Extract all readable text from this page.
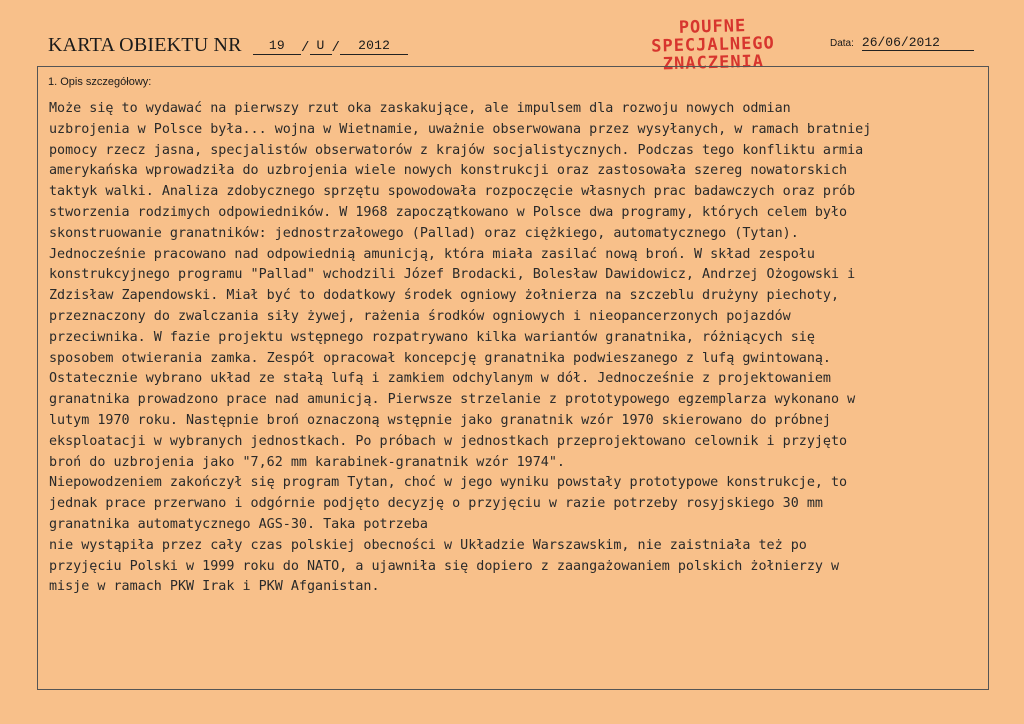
KARTA OBIEKTU NR 19 / U / 2012
POUFNE
SPECJALNEGO
ZNACZENIA
Data: 26/06/2012
1. Opis szczegółowy:
Może się to wydawać na pierwszy rzut oka zaskakujące, ale impulsem dla rozwoju nowych odmian
uzbrojenia w Polsce była... wojna w Wietnamie, uważnie obserwowana przez wysyłanych, w ramach bratniej
pomocy rzecz jasna, specjalistów obserwatorów z krajów socjalistycznych. Podczas tego konfliktu armia
amerykańska wprowadziła do uzbrojenia wiele nowych konstrukcji oraz zastosowała szereg nowatorskich
taktyk walki. Analiza zdobycznego sprzętu spowodowała rozpoczęcie własnych prac badawczych oraz prób
stworzenia rodzimych odpowiedników. W 1968 zapoczątkowano w Polsce dwa programy, których celem było
skonstruowanie granatników: jednostrzałowego (Pallad) oraz ciężkiego, automatycznego (Tytan).
Jednocześnie pracowano nad odpowiednią amunicją, która miała zasilać nową broń. W skład zespołu
konstrukcyjnego programu "Pallad" wchodzili Józef Brodacki, Bolesław Dawidowicz, Andrzej Ożogowski i
Zdzisław Zapendowski. Miał być to dodatkowy środek ogniowy żołnierza na szczeblu drużyny piechoty,
przeznaczony do zwalczania siły żywej, rażenia środków ogniowych i nieopancerzonych pojazdów
przeciwnika. W fazie projektu wstępnego rozpatrywano kilka wariantów granatnika, różniących się
sposobem otwierania zamka. Zespół opracował koncepcję granatnika podwieszanego z lufą gwintowaną.
Ostatecznie wybrano układ ze stałą lufą i zamkiem odchylanym w dół. Jednocześnie z projektowaniem
granatnika prowadzono prace nad amunicją. Pierwsze strzelanie z prototypowego egzemplarza wykonano w
lutym 1970 roku. Następnie broń oznaczoną wstępnie jako granatnik wzór 1970 skierowano do próbnej
eksploatacji w wybranych jednostkach. Po próbach w jednostkach przeprojektowano celownik i przyjęto
broń do uzbrojenia jako "7,62 mm karabinek-granatnik wzór 1974".
Niepowodzeniem zakończył się program Tytan, choć w jego wyniku powstały prototypowe konstrukcje, to
jednak prace przerwano i odgórnie podjęto decyzję o przyjęciu w razie potrzeby rosyjskiego 30 mm
granatnika automatycznego AGS-30. Taka potrzeba
nie wystąpiła przez cały czas polskiej obecności w Układzie Warszawskim, nie zaistniała też po
przyjęciu Polski w 1999 roku do NATO, a ujawniła się dopiero z zaangażowaniem polskich żołnierzy w
misje w ramach PKW Irak i PKW Afganistan.
